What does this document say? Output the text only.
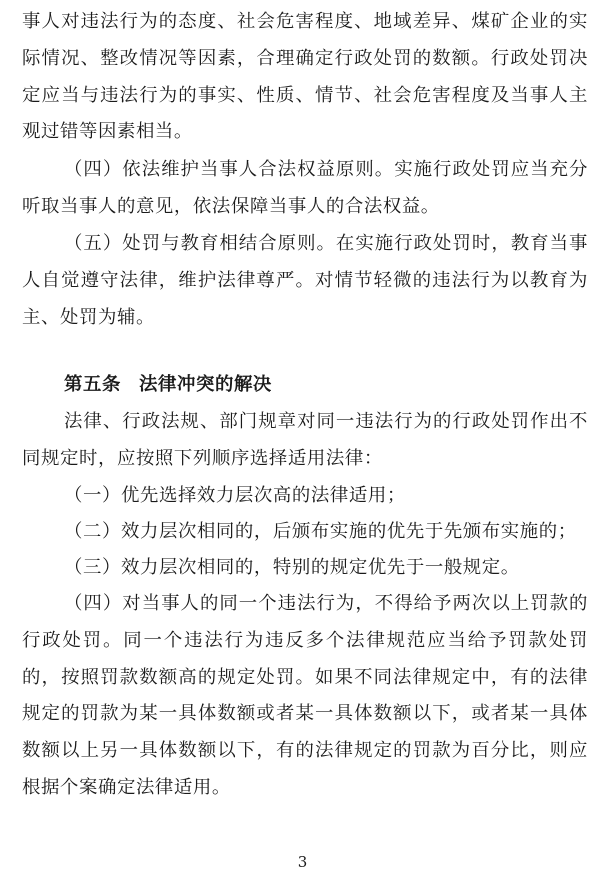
事人对违法行为的态度、社会危害程度、地域差异、煤矿企业的实际情况、整改情况等因素，合理确定行政处罚的数额。行政处罚决定应当与违法行为的事实、性质、情节、社会危害程度及当事人主观过错等因素相当。

（四）依法维护当事人合法权益原则。实施行政处罚应当充分听取当事人的意见，依法保障当事人的合法权益。

（五）处罚与教育相结合原则。在实施行政处罚时，教育当事人自觉遵守法律，维护法律尊严。对情节轻微的违法行为以教育为主、处罚为辅。

第五条 法律冲突的解决

法律、行政法规、部门规章对同一违法行为的行政处罚作出不同规定时，应按照下列顺序选择适用法律：

（一）优先选择效力层次高的法律适用；

（二）效力层次相同的，后颁布实施的优先于先颁布实施的；

（三）效力层次相同的，特别的规定优先于一般规定。

（四）对当事人的同一个违法行为，不得给予两次以上罚款的行政处罚。同一个违法行为违反多个法律规范应当给予罚款处罚的，按照罚款数额高的规定处罚。如果不同法律规定中，有的法律规定的罚款为某一具体数额或者某一具体数额以下，或者某一具体数额以上另一具体数额以下，有的法律规定的罚款为百分比，则应根据个案确定法律适用。

3
